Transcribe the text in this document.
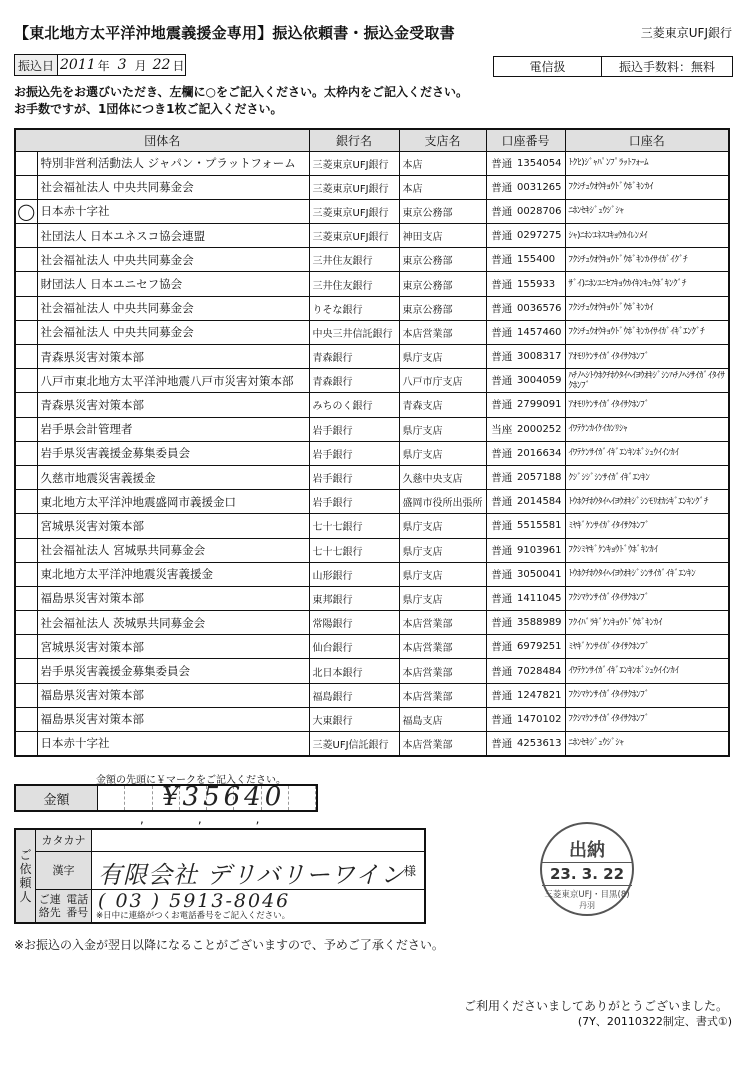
【東北地方太平洋沖地震義援金専用】振込依頼書・振込金受取書	三菱東京UFJ銀行
振込日 2011 年 3 月 22 日	電信扱	振込手数料：無料

お振込先をお選びいただき、左欄に○をご記入ください。太枠内をご記入ください。

お手数ですが、1団体につき1枚ご記入ください。

団体名		銀行名	支店名	口座番号		口座名
	特別非営利活動法人 ジャパン・プラットフォーム	三菱東京UFJ銀行	本店	普通	1354054	ﾄｸﾋ)ｼﾞｬﾊﾟﾝﾌﾟﾗｯﾄﾌｫｰﾑ
	社会福祉法人 中央共同募金会	三菱東京UFJ銀行	本店	普通	0031265	ﾌｸｼﾁｭｳｵｳｷｮｳﾄﾞｳﾎﾞｷﾝｶｲ
◯	日本赤十字社	三菱東京UFJ銀行	東京公務部	普通	0028706	ﾆﾎﾝｾｷｼﾞｭｳｼﾞｼｬ
	社団法人 日本ユネスコ協会連盟	三菱東京UFJ銀行	神田支店	普通	0297275	ｼｬ)ﾆﾎﾝﾕﾈｽｺｷｮｳｶｲﾚﾝﾒｲ
	社会福祉法人 中央共同募金会	三井住友銀行	東京公務部	普通	155400	ﾌｸｼﾁｭｳｵｳｷｮｳﾄﾞｳﾎﾞｷﾝｶｲｻｲｶﾞｲｸﾞﾁ
	財団法人 日本ユニセフ協会	三井住友銀行	東京公務部	普通	155933	ｻﾞｲ)ﾆﾎﾝﾕﾆｾﾌｷｮｳｶｲｷﾝｷｭｳﾎﾞｷﾝｸﾞﾁ
	社会福祉法人 中央共同募金会	りそな銀行	東京公務部	普通	0036576	ﾌｸｼﾁｭｳｵｳｷｮｳﾄﾞｳﾎﾞｷﾝｶｲ
	社会福祉法人 中央共同募金会	中央三井信託銀行	本店営業部	普通	1457460	ﾌｸｼﾁｭｳｵｳｷｮｳﾄﾞｳﾎﾞｷﾝｶｲｻｲｶﾞｲｷﾞｴﾝｸﾞﾁ
	青森県災害対策本部	青森銀行	県庁支店	普通	3008317	ｱｵﾓﾘｹﾝｻｲｶﾞｲﾀｲｻｸﾎﾝﾌﾞ
	八戸市東北地方太平洋沖地震八戸市災害対策本部	青森銀行	八戸市庁支店	普通	3004059	ﾊﾁﾉﾍｼﾄｳﾎｸﾁﾎｳﾀｲﾍｲﾖｳｵｷｼﾞｼﾝﾊﾁﾉﾍｼｻｲｶﾞｲﾀｲｻｸﾎﾝﾌﾞ
	青森県災害対策本部	みちのく銀行	青森支店	普通	2799091	ｱｵﾓﾘｹﾝｻｲｶﾞｲﾀｲｻｸﾎﾝﾌﾞ
	岩手県会計管理者	岩手銀行	県庁支店	当座	2000252	ｲﾜﾃｹﾝｶｲｹｲｶﾝﾘｼｬ
	岩手県災害義援金募集委員会	岩手銀行	県庁支店	普通	2016634	ｲﾜﾃｹﾝｻｲｶﾞｲｷﾞｴﾝｷﾝﾎﾞｼｭｳｲｲﾝｶｲ
	久慈市地震災害義援金	岩手銀行	久慈中央支店	普通	2057188	ｸｼﾞｼｼﾞｼﾝｻｲｶﾞｲｷﾞｴﾝｷﾝ
	東北地方太平洋沖地震盛岡市義援金口	岩手銀行	盛岡市役所出張所	普通	2014584	ﾄｳﾎｸﾁﾎｳﾀｲﾍｲﾖｳｵｷｼﾞｼﾝﾓﾘｵｶｼｷﾞｴﾝｷﾝｸﾞﾁ
	宮城県災害対策本部	七十七銀行	県庁支店	普通	5515581	ﾐﾔｷﾞｹﾝｻｲｶﾞｲﾀｲｻｸﾎﾝﾌﾞ
	社会福祉法人 宮城県共同募金会	七十七銀行	県庁支店	普通	9103961	ﾌｸｼﾐﾔｷﾞｹﾝｷｮｳﾄﾞｳﾎﾞｷﾝｶｲ
	東北地方太平洋沖地震災害義援金	山形銀行	県庁支店	普通	3050041	ﾄｳﾎｸﾁﾎｳﾀｲﾍｲﾖｳｵｷｼﾞｼﾝｻｲｶﾞｲｷﾞｴﾝｷﾝ
	福島県災害対策本部	東邦銀行	県庁支店	普通	1411045	ﾌｸｼﾏｹﾝｻｲｶﾞｲﾀｲｻｸﾎﾝﾌﾞ
	社会福祉法人 茨城県共同募金会	常陽銀行	本店営業部	普通	3588989	ﾌｸｲﾊﾞﾗｷﾞｹﾝｷｮｳﾄﾞｳﾎﾞｷﾝｶｲ
	宮城県災害対策本部	仙台銀行	本店営業部	普通	6979251	ﾐﾔｷﾞｹﾝｻｲｶﾞｲﾀｲｻｸﾎﾝﾌﾞ
	岩手県災害義援金募集委員会	北日本銀行	本店営業部	普通	7028484	ｲﾜﾃｹﾝｻｲｶﾞｲｷﾞｴﾝｷﾝﾎﾞｼｭｳｲｲﾝｶｲ
	福島県災害対策本部	福島銀行	本店営業部	普通	1247821	ﾌｸｼﾏｹﾝｻｲｶﾞｲﾀｲｻｸﾎﾝﾌﾞ
	福島県災害対策本部	大東銀行	福島支店	普通	1470102	ﾌｸｼﾏｹﾝｻｲｶﾞｲﾀｲｻｸﾎﾝﾌﾞ
	日本赤十字社	三菱UFJ信託銀行	本店営業部	普通	4253613	ﾆﾎﾝｾｷｼﾞｭｳｼﾞｼｬ
金額の先頭に￥マークをご記入ください。
金額	¥35640
,,,
ご
依
頼
人
カタカナ
漢字 有限会社 デリバリーワイン
様
ご連絡先

電話番号
( 03 ) 5913-8046
※日中に連絡がつくお電話番号をご記入ください。
出納
23. 3. 22
三菱東京UFJ・目黒(8)
丹羽
※お振込の入金が翌日以降になることがございますので、予めご了承ください。
ご利用くださいましてありがとうございました。
(7Y、20110322制定、書式①)
